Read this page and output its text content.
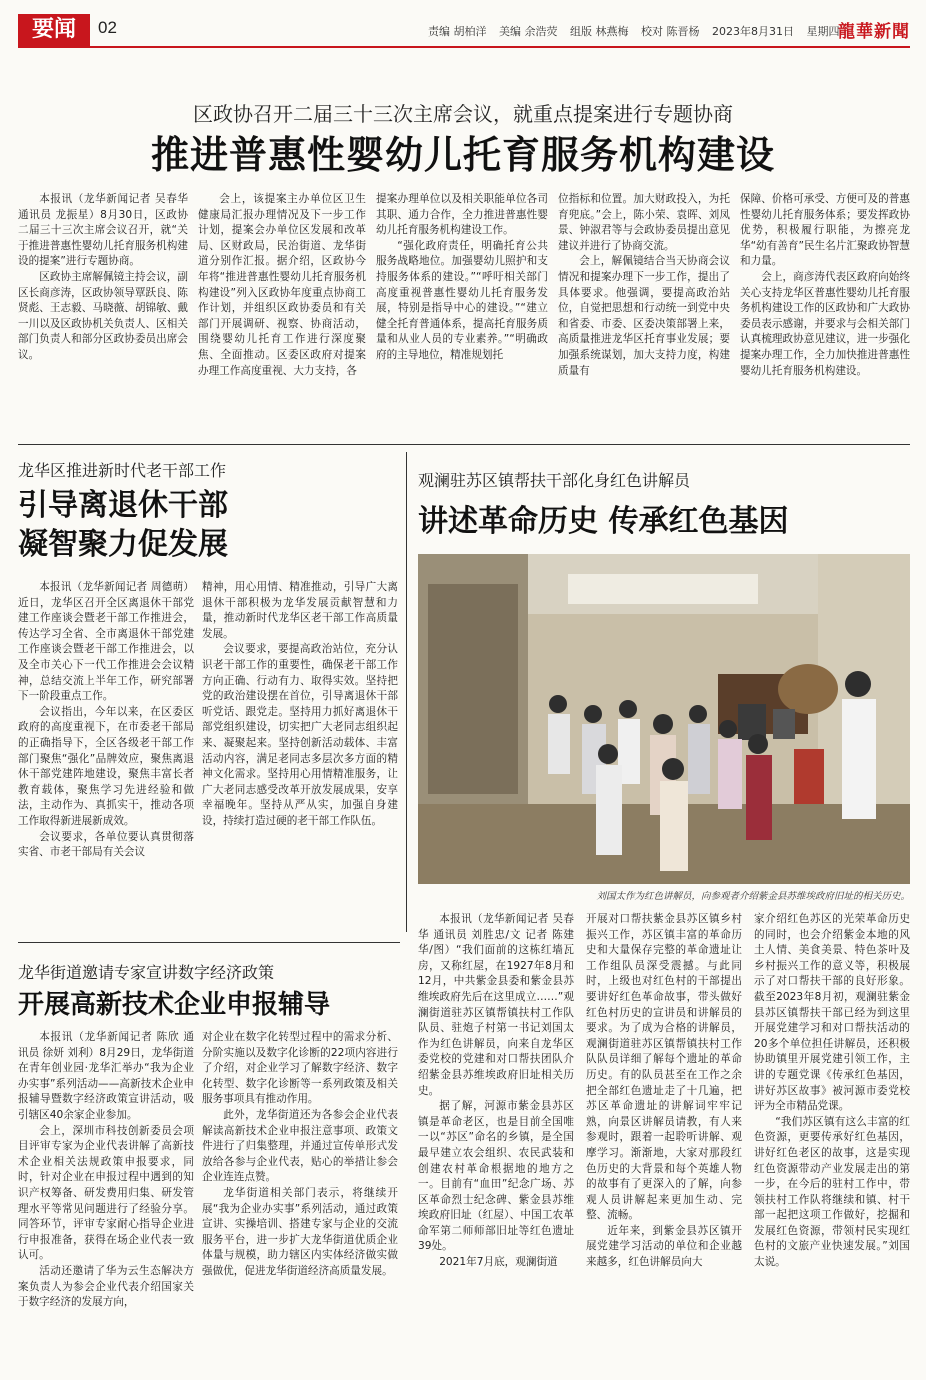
要闻	02	责编 胡柏洋 美编 余浩荧 组版 林燕梅 校对 陈晋杨 2023年8月31日 星期四
龍華新聞
区政协召开二届三十三次主席会议，就重点提案进行专题协商
推进普惠性婴幼儿托育服务机构建设

本报讯（龙华新闻记者 吴春华 通讯员 龙振星）8月30日，区政协二届三十三次主席会议召开，就“关于推进普惠性婴幼儿托育服务机构建设的提案”进行专题协商。

区政协主席解佩镜主持会议，副区长商彦涛，区政协领导覃跃良、陈贤彪、王志毅、马晓薇、胡锦敏、戴一川以及区政协机关负责人、区相关部门负责人和部分区政协委员出席会议。

会上，该提案主办单位区卫生健康局汇报办理情况及下一步工作计划，提案会办单位区发展和改革局、区财政局，民治街道、龙华街道分别作汇报。据介绍，区政协今年将“推进普惠性婴幼儿托育服务机构建设”列入区政协年度重点协商工作计划，并组织区政协委员和有关部门开展调研、视察、协商活动，围绕婴幼儿托育工作进行深度聚焦、全面推动。区委区政府对提案办理工作高度重视、大力支持，各

提案办理单位以及相关职能单位各司其职、通力合作，全力推进普惠性婴幼儿托育服务机构建设工作。

“强化政府责任，明确托育公共服务战略地位。加强婴幼儿照护和支持服务体系的建设。”“呼吁相关部门高度重视普惠性婴幼儿托育服务发展，特别是指导中心的建设。”“建立健全托育普通体系，提高托育服务质量和从业人员的专业素养。”“明确政府的主导地位，精准规划托

位指标和位置。加大财政投入，为托育兜底。”会上，陈小荣、袁晖、刘凤景、钟淑君等与会政协委员提出意见建议并进行了协商交流。

会上，解佩镜结合当天协商会议情况和提案办理下一步工作，提出了具体要求。他强调，要提高政治站位，自觉把思想和行动统一到党中央和省委、市委、区委决策部署上来，高质量推进龙华区托育事业发展；要加强系统谋划，加大支持力度，构建质量有

保障、价格可承受、方便可及的普惠性婴幼儿托育服务体系；要发挥政协优势，积极履行职能，为擦亮龙华“幼有善育”民生名片汇聚政协智慧和力量。

会上，商彦涛代表区政府向始终关心支持龙华区普惠性婴幼儿托育服务机构建设工作的区政协和广大政协委员表示感谢，并要求与会相关部门认真梳理政协意见建议，进一步强化提案办理工作，全力加快推进普惠性婴幼儿托育服务机构建设。

龙华区推进新时代老干部工作
引导离退休干部
凝智聚力促发展

本报讯（龙华新闻记者 周德萌）近日，龙华区召开全区离退休干部党建工作座谈会暨老干部工作推进会，传达学习全省、全市离退休干部党建工作座谈会暨老干部工作推进会，以及全市关心下一代工作推进会会议精神，总结交流上半年工作，研究部署下一阶段重点工作。

会议指出，今年以来，在区委区政府的高度重视下，在市委老干部局的正确指导下，全区各级老干部工作部门聚焦“强化”品牌效应，聚焦离退休干部党建阵地建设，聚焦丰富长者教育载体，聚焦学习先进经验和做法，主动作为、真抓实干，推动各项工作取得新进展新成效。

会议要求，各单位要认真贯彻落实省、市老干部局有关会议

精神，用心用情、精准推动，引导广大离退休干部积极为龙华发展贡献智慧和力量，推动新时代龙华区老干部工作高质量发展。

会议要求，要提高政治站位，充分认识老干部工作的重要性，确保老干部工作方向正确、行动有力、取得实效。坚持把党的政治建设摆在首位，引导离退休干部听党话、跟党走。坚持用力抓好离退休干部党组织建设，切实把广大老同志组织起来、凝聚起来。坚持创新活动载体、丰富活动内容，满足老同志多层次多方面的精神文化需求。坚持用心用情精准服务，让广大老同志感受改革开放发展成果，安享幸福晚年。坚持从严从实，加强自身建设，持续打造过硬的老干部工作队伍。

观澜驻苏区镇帮扶干部化身红色讲解员
讲述革命历史 传承红色基因
刘国太作为红色讲解员，向参观者介绍紫金县苏维埃政府旧址的相关历史。

本报讯（龙华新闻记者 吴春华 通讯员 刘胜忠/文 记者 陈建华/图）“我们面前的这栋红墙瓦房，又称红屋，在1927年8月和12月，中共紫金县委和紫金县苏维埃政府先后在这里成立……”观澜街道驻苏区镇帮镇扶村工作队队员、驻炮子村第一书记刘国太作为红色讲解员，向来自龙华区委党校的党建和对口帮扶团队介绍紫金县苏维埃政府旧址相关历史。

据了解，河源市紫金县苏区镇是革命老区，也是目前全国唯一以“苏区”命名的乡镇，是全国最早建立农会组织、农民武装和创建农村革命根据地的地方之一。目前有“血田”纪念广场、苏区革命烈士纪念碑、紫金县苏维埃政府旧址（红屋）、中国工农革命军第二师师部旧址等红色遗址39处。

2021年7月底，观澜街道

开展对口帮扶紫金县苏区镇乡村振兴工作，苏区镇丰富的革命历史和大量保存完整的革命遗址让工作组队员深受震撼。与此同时，上级也对红色村的干部提出要讲好红色革命故事，带头做好红色村历史的宣讲员和讲解员的要求。为了成为合格的讲解员，观澜街道驻苏区镇帮镇扶村工作队队员详细了解每个遗址的革命历史。有的队员甚至在工作之余把全部红色遗址走了十几遍，把苏区革命遗址的讲解词牢牢记熟，向景区讲解员请教，有人来参观时，跟着一起聆听讲解、观摩学习。渐渐地，大家对那段红色历史的大背景和每个英雄人物的故事有了更深入的了解，向参观人员讲解起来更加生动、完整、流畅。

近年来，到紫金县苏区镇开展党建学习活动的单位和企业越来越多，红色讲解员向大

家介绍红色苏区的光荣革命历史的同时，也会介绍紫金本地的风土人情、美食美景、特色茶叶及乡村振兴工作的意义等，积极展示了对口帮扶干部的良好形象。截至2023年8月初，观澜驻紫金县苏区镇帮扶干部已经为到这里开展党建学习和对口帮扶活动的20多个单位担任讲解员，还积极协助镇里开展党建引领工作，主讲的专题党课《传承红色基因，讲好苏区故事》被河源市委党校评为全市精品党课。

“我们苏区镇有这么丰富的红色资源，更要传承好红色基因，讲好红色老区的故事，这是实现红色资源带动产业发展走出的第一步，在今后的驻村工作中，带领扶村工作队将继续和镇、村干部一起把这项工作做好，挖掘和发展红色资源，带领村民实现红色村的文旅产业快速发展。”刘国太说。

龙华街道邀请专家宣讲数字经济政策
开展高新技术企业申报辅导

本报讯（龙华新闻记者 陈欣 通讯员 徐妍 刘利）8月29日，龙华街道在青年创业园·龙华汇举办“我为企业办实事”系列活动——高新技术企业申报辅导暨数字经济政策宣讲活动，吸引辖区40余家企业参加。

会上，深圳市科技创新委员会项目评审专家为企业代表讲解了高新技术企业相关法规政策申报要求，同时，针对企业在申报过程中遇到的知识产权筹备、研发费用归集、研发管理水平等常见问题进行了经验分享。同答环节，评审专家耐心指导企业进行申报准备，获得在场企业代表一致认可。

活动还邀请了华为云生态解决方案负责人为参会企业代表介绍国家关于数字经济的发展方向，

对企业在数字化转型过程中的需求分析、分阶实施以及数字化诊断的22项内容进行了介绍，对企业学习了解数字经济、数字化转型、数字化诊断等一系列政策及相关服务事项具有推动作用。

此外，龙华街道还为各参会企业代表解读高新技术企业申报注意事项、政策文件进行了归集整理，并通过宣传单形式发放给各参与企业代表，贴心的举措让参会企业连连点赞。

龙华街道相关部门表示，将继续开展“我为企业办实事”系列活动，通过政策宣讲、实操培训、搭建专家与企业的交流服务平台，进一步扩大龙华街道优质企业体量与规模，助力辖区内实体经济做实做强做优，促进龙华街道经济高质量发展。
